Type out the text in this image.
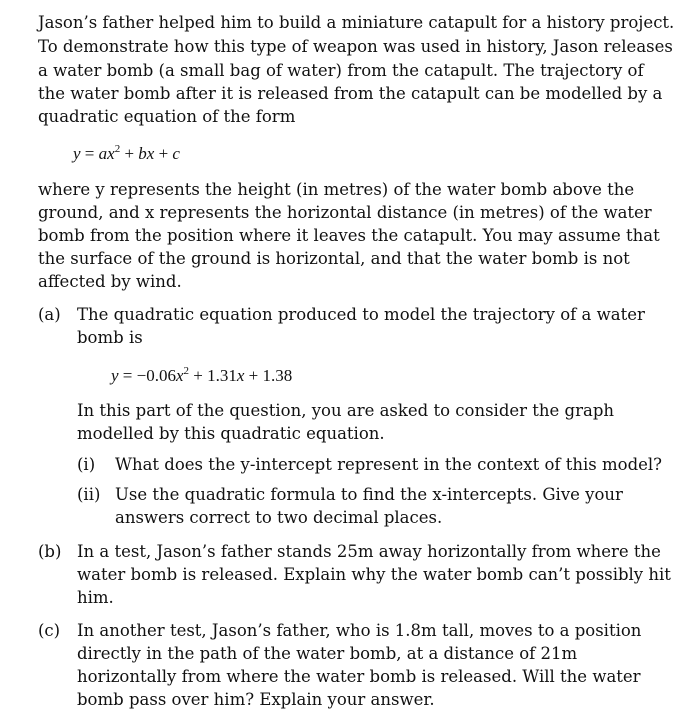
Jason’s father helped him to build a miniature catapult for a history project.
To demonstrate how this type of weapon was used in history, Jason releases
a water bomb (a small bag of water) from the catapult. The trajectory of
the water bomb after it is released from the catapult can be modelled by a
quadratic equation of the form
$y = ax^2$ + bx + c
where y represents the height (in metres) of the water bomb above the
ground, and x represents the horizontal distance (in metres) of the water
bomb from the position where it leaves the catapult. You may assume that
the surface of the ground is horizontal, and that the water bomb is not
affected by wind.
(a) The quadratic equation produced to model the trajectory of a water
bomb is
$y = -0.06x^2 + 1.31x + 1.38$
In this part of the question, you are asked to consider the graph
modelled by this quadratic equation.
(i) What does the y-intercept represent in the context of this model?
(ii) Use the quadratic formula to find the x-intercepts. Give your
answers correct to two decimal places.
(b) In a test, Jason’s father stands 25m away horizontally from where the
water bomb is released. Explain why the water bomb can’t possibly hit
him.
(c) In another test, Jason’s father, who is 1.8m tall, moves to a position
directly in the path of the water bomb, at a distance of 21m
horizontally from where the water bomb is released. Will the water
bomb pass over him? Explain your answer.
